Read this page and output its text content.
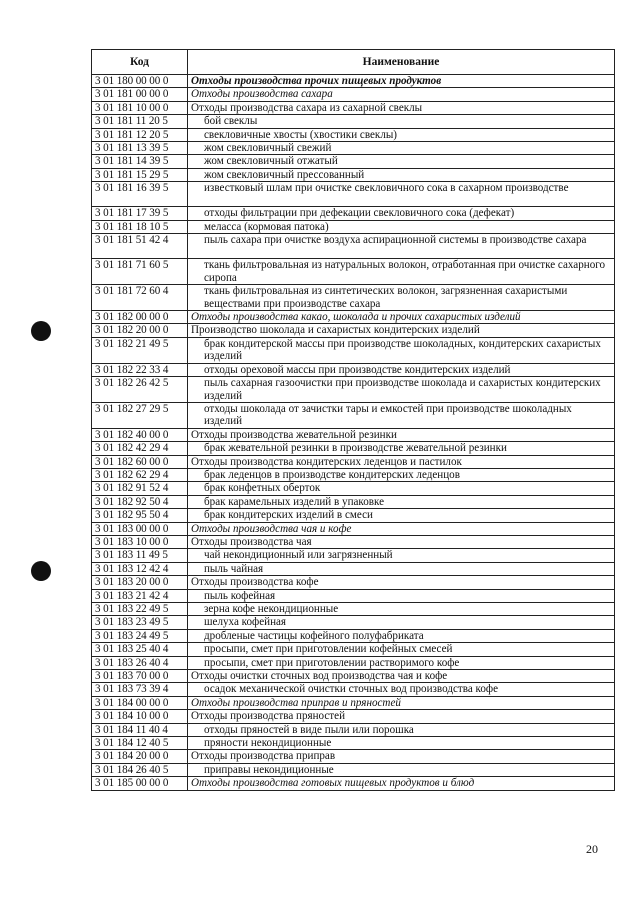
Код	Наименование
3 01 180 00 00 0	Отходы производства прочих пищевых продуктов
3 01 181 00 00 0	Отходы производства сахара
3 01 181 10 00 0	Отходы производства сахара из сахарной свеклы
3 01 181 11 20 5	бой свеклы
3 01 181 12 20 5	свекловичные хвосты (хвостики свеклы)
3 01 181 13 39 5	жом свекловичный свежий
3 01 181 14 39 5	жом свекловичный отжатый
3 01 181 15 29 5	жом свекловичный прессованный
3 01 181 16 39 5	известковый шлам при очистке свекловичного сока в сахарном производстве
3 01 181 17 39 5	отходы фильтрации при дефекации свекловичного сока (дефекат)
3 01 181 18 10 5	меласса (кормовая патока)
3 01 181 51 42 4	пыль сахара при очистке воздуха аспирационной системы в производстве сахара
3 01 181 71 60 5	ткань фильтровальная из натуральных волокон, отработанная при очистке сахарного сиропа
3 01 181 72 60 4	ткань фильтровальная из синтетических волокон, загрязненная сахаристыми веществами при производстве сахара
3 01 182 00 00 0	Отходы производства какао, шоколада и прочих сахаристых изделий
3 01 182 20 00 0	Производство шоколада и сахаристых кондитерских изделий
3 01 182 21 49 5	брак кондитерской массы при производстве шоколадных, кондитерских сахаристых изделий
3 01 182 22 33 4	отходы ореховой массы при производстве кондитерских изделий
3 01 182 26 42 5	пыль сахарная газоочистки при производстве шоколада и сахаристых кондитерских изделий
3 01 182 27 29 5	отходы шоколада от зачистки тары и емкостей при производстве шоколадных изделий
3 01 182 40 00 0	Отходы производства жевательной резинки
3 01 182 42 29 4	брак жевательной резинки в производстве жевательной резинки
3 01 182 60 00 0	Отходы производства кондитерских леденцов и пастилок
3 01 182 62 29 4	брак леденцов в производстве кондитерских леденцов
3 01 182 91 52 4	брак конфетных оберток
3 01 182 92 50 4	брак карамельных изделий в упаковке
3 01 182 95 50 4	брак кондитерских изделий в смеси
3 01 183 00 00 0	Отходы производства чая и кофе
3 01 183 10 00 0	Отходы производства чая
3 01 183 11 49 5	чай некондиционный или загрязненный
3 01 183 12 42 4	пыль чайная
3 01 183 20 00 0	Отходы производства кофе
3 01 183 21 42 4	пыль кофейная
3 01 183 22 49 5	зерна кофе некондиционные
3 01 183 23 49 5	шелуха кофейная
3 01 183 24 49 5	дробленые частицы кофейного полуфабриката
3 01 183 25 40 4	просыпи, смет при приготовлении кофейных смесей
3 01 183 26 40 4	просыпи, смет при приготовлении растворимого кофе
3 01 183 70 00 0	Отходы очистки сточных вод производства чая и кофе
3 01 183 73 39 4	осадок механической очистки сточных вод производства кофе
3 01 184 00 00 0	Отходы производства приправ и пряностей
3 01 184 10 00 0	Отходы производства пряностей
3 01 184 11 40 4	отходы пряностей в виде пыли или порошка
3 01 184 12 40 5	пряности некондиционные
3 01 184 20 00 0	Отходы производства приправ
3 01 184 26 40 5	приправы некондиционные
3 01 185 00 00 0	Отходы производства готовых пищевых продуктов и блюд
20
